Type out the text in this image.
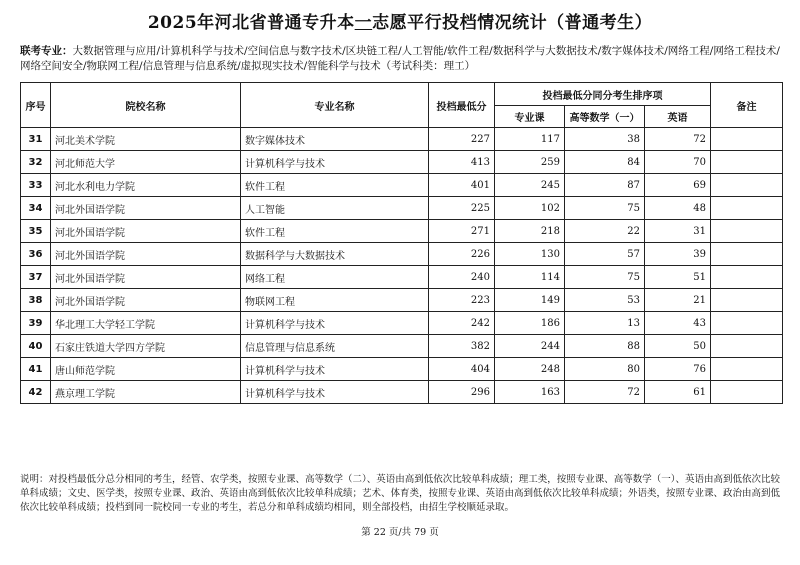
2025年河北省普通专升本一志愿平行投档情况统计（普通考生）
联考专业：大数据管理与应用/计算机科学与技术/空间信息与数字技术/区块链工程/人工智能/软件工程/数据科学与大数据技术/数字媒体技术/网络工程/网络工程技术/网络空间安全/物联网工程/信息管理与信息系统/虚拟现实技术/智能科学与技术（考试科类：理工）
序号	院校名称	专业名称	投档最低分	投档最低分同分考生排序项			备注
				专业课	高等数学（一）	英语	
31	河北美术学院	数字媒体技术	227	117	38	72	
32	河北师范大学	计算机科学与技术	413	259	84	70	
33	河北水利电力学院	软件工程	401	245	87	69	
34	河北外国语学院	人工智能	225	102	75	48	
35	河北外国语学院	软件工程	271	218	22	31	
36	河北外国语学院	数据科学与大数据技术	226	130	57	39	
37	河北外国语学院	网络工程	240	114	75	51	
38	河北外国语学院	物联网工程	223	149	53	21	
39	华北理工大学轻工学院	计算机科学与技术	242	186	13	43	
40	石家庄铁道大学四方学院	信息管理与信息系统	382	244	88	50	
41	唐山师范学院	计算机科学与技术	404	248	80	76	
42	燕京理工学院	计算机科学与技术	296	163	72	61	
说明：对投档最低分总分相同的考生，经管、农学类，按照专业课、高等数学（二）、英语由高到低依次比较单科成绩；理工类，按照专业课、高等数学（一）、英语由高到低依次比较单科成绩；文史、医学类，按照专业课、政治、英语由高到低依次比较单科成绩；艺术、体育类，按照专业课、英语由高到低依次比较单科成绩；外语类，按照专业课、政治由高到低依次比较单科成绩；投档到同一院校同一专业的考生，若总分和单科成绩均相同，则全部投档，由招生学校顺延录取。
第 22 页/共 79 页
